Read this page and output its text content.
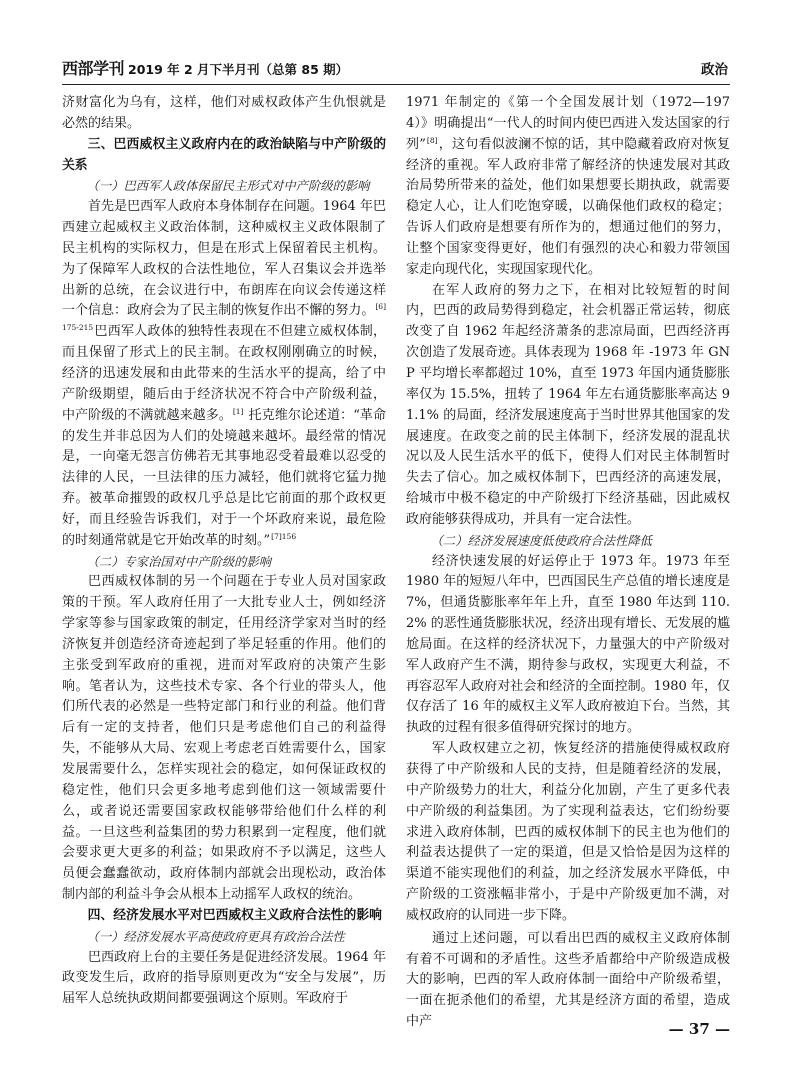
西部学刊 2019 年 2 月下半月刊（总第 85 期）	政治

济财富化为乌有，这样，他们对威权政体产生仇恨就是必然的结果。

三、巴西威权主义政府内在的政治缺陷与中产阶级的关系
（一）巴西军人政体保留民主形式对中产阶级的影响

首先是巴西军人政府本身体制存在问题。1964 年巴西建立起威权主义政治体制，这种威权主义政体限制了民主机构的实际权力，但是在形式上保留着民主机构。为了保障军人政权的合法性地位，军人召集议会并选举出新的总统，在会议进行中，布朗库在向议会传递这样一个信息：政府会为了民主制的恢复作出不懈的努力。$^{[6]175-215}$巴西军人政体的独特性表现在不但建立威权体制，而且保留了形式上的民主制。在政权刚刚确立的时候，经济的迅速发展和由此带来的生活水平的提高，给了中产阶级期望，随后由于经济状况不符合中产阶级利益，中产阶级的不满就越来越多。[1] 托克维尔论述道：“革命的发生并非总因为人们的处境越来越坏。最经常的情况是，一向毫无怨言仿佛若无其事地忍受着最难以忍受的法律的人民，一旦法律的压力减轻，他们就将它猛力抛弃。被革命摧毁的政权几乎总是比它前面的那个政权更好，而且经验告诉我们，对于一个坏政府来说，最危险的时刻通常就是它开始改革的时刻。”$^{[7]156}$

（二）专家治国对中产阶级的影响

巴西威权体制的另一个问题在于专业人员对国家政策的干预。军人政府任用了一大批专业人士，例如经济学家等参与国家政策的制定，任用经济学家对当时的经济恢复并创造经济奇迹起到了举足轻重的作用。他们的主张受到军政府的重视，进而对军政府的决策产生影响。笔者认为，这些技术专家、各个行业的带头人，他们所代表的必然是一些特定部门和行业的利益。他们背后有一定的支持者，他们只是考虑他们自己的利益得失，不能够从大局、宏观上考虑老百姓需要什么，国家发展需要什么，怎样实现社会的稳定，如何保证政权的稳定性，他们只会更多地考虑到他们这一领域需要什么，或者说还需要国家政权能够带给他们什么样的利益。一旦这些利益集团的势力积累到一定程度，他们就会要求更大更多的利益；如果政府不予以满足，这些人员便会蠢蠢欲动，政府体制内部就会出现松动，政治体制内部的利益斗争会从根本上动摇军人政权的统治。

四、经济发展水平对巴西威权主义政府合法性的影响
（一）经济发展水平高使政府更具有政治合法性

巴西政府上台的主要任务是促进经济发展。1964 年政变发生后，政府的指导原则更改为“安全与发展”，历届军人总统执政期间都要强调这个原则。军政府于

1971 年制定的《第一个全国发展计划（1972—1974）》明确提出“一代人的时间内使巴西进入发达国家的行列”[8]，这句看似波澜不惊的话，其中隐藏着政府对恢复经济的重视。军人政府非常了解经济的快速发展对其政治局势所带来的益处，他们如果想要长期执政，就需要稳定人心，让人们吃饱穿暖，以确保他们政权的稳定；告诉人们政府是想要有所作为的，想通过他们的努力，让整个国家变得更好，他们有强烈的决心和毅力带领国家走向现代化，实现国家现代化。

在军人政府的努力之下，在相对比较短暂的时间内，巴西的政局势得到稳定，社会机器正常运转，彻底改变了自 1962 年起经济萧条的悲凉局面，巴西经济再次创造了发展奇迹。具体表现为 1968 年 -1973 年 GNP 平均增长率都超过 10%，直至 1973 年国内通货膨胀率仅为 15.5%，扭转了 1964 年左右通货膨胀率高达 91.1% 的局面，经济发展速度高于当时世界其他国家的发展速度。在政变之前的民主体制下，经济发展的混乱状况以及人民生活水平的低下，使得人们对民主体制暂时失去了信心。加之威权体制下，巴西经济的高速发展，给城市中极不稳定的中产阶级打下经济基础，因此威权政府能够获得成功，并具有一定合法性。

（二）经济发展速度低使政府合法性降低

经济快速发展的好运停止于 1973 年。1973 年至 1980 年的短短八年中，巴西国民生产总值的增长速度是 7%，但通货膨胀率年年上升，直至 1980 年达到 110.2% 的恶性通货膨胀状况，经济出现有增长、无发展的尴尬局面。在这样的经济状况下，力量强大的中产阶级对军人政府产生不满，期待参与政权，实现更大利益，不再容忍军人政府对社会和经济的全面控制。1980 年，仅仅存活了 16 年的威权主义军人政府被迫下台。当然，其执政的过程有很多值得研究探讨的地方。

军人政权建立之初，恢复经济的措施使得威权政府获得了中产阶级和人民的支持，但是随着经济的发展，中产阶级势力的壮大，利益分化加剧，产生了更多代表中产阶级的利益集团。为了实现利益表达，它们纷纷要求进入政府体制，巴西的威权体制下的民主也为他们的利益表达提供了一定的渠道，但是又恰恰是因为这样的渠道不能实现他们的利益，加之经济发展水平降低，中产阶级的工资涨幅非常小，于是中产阶级更加不满，对威权政府的认同进一步下降。

通过上述问题，可以看出巴西的威权主义政府体制有着不可调和的矛盾性。这些矛盾都给中产阶级造成极大的影响，巴西的军人政府体制一面给中产阶级希望，一面在扼杀他们的希望，尤其是经济方面的希望，造成中产	— 37 —
